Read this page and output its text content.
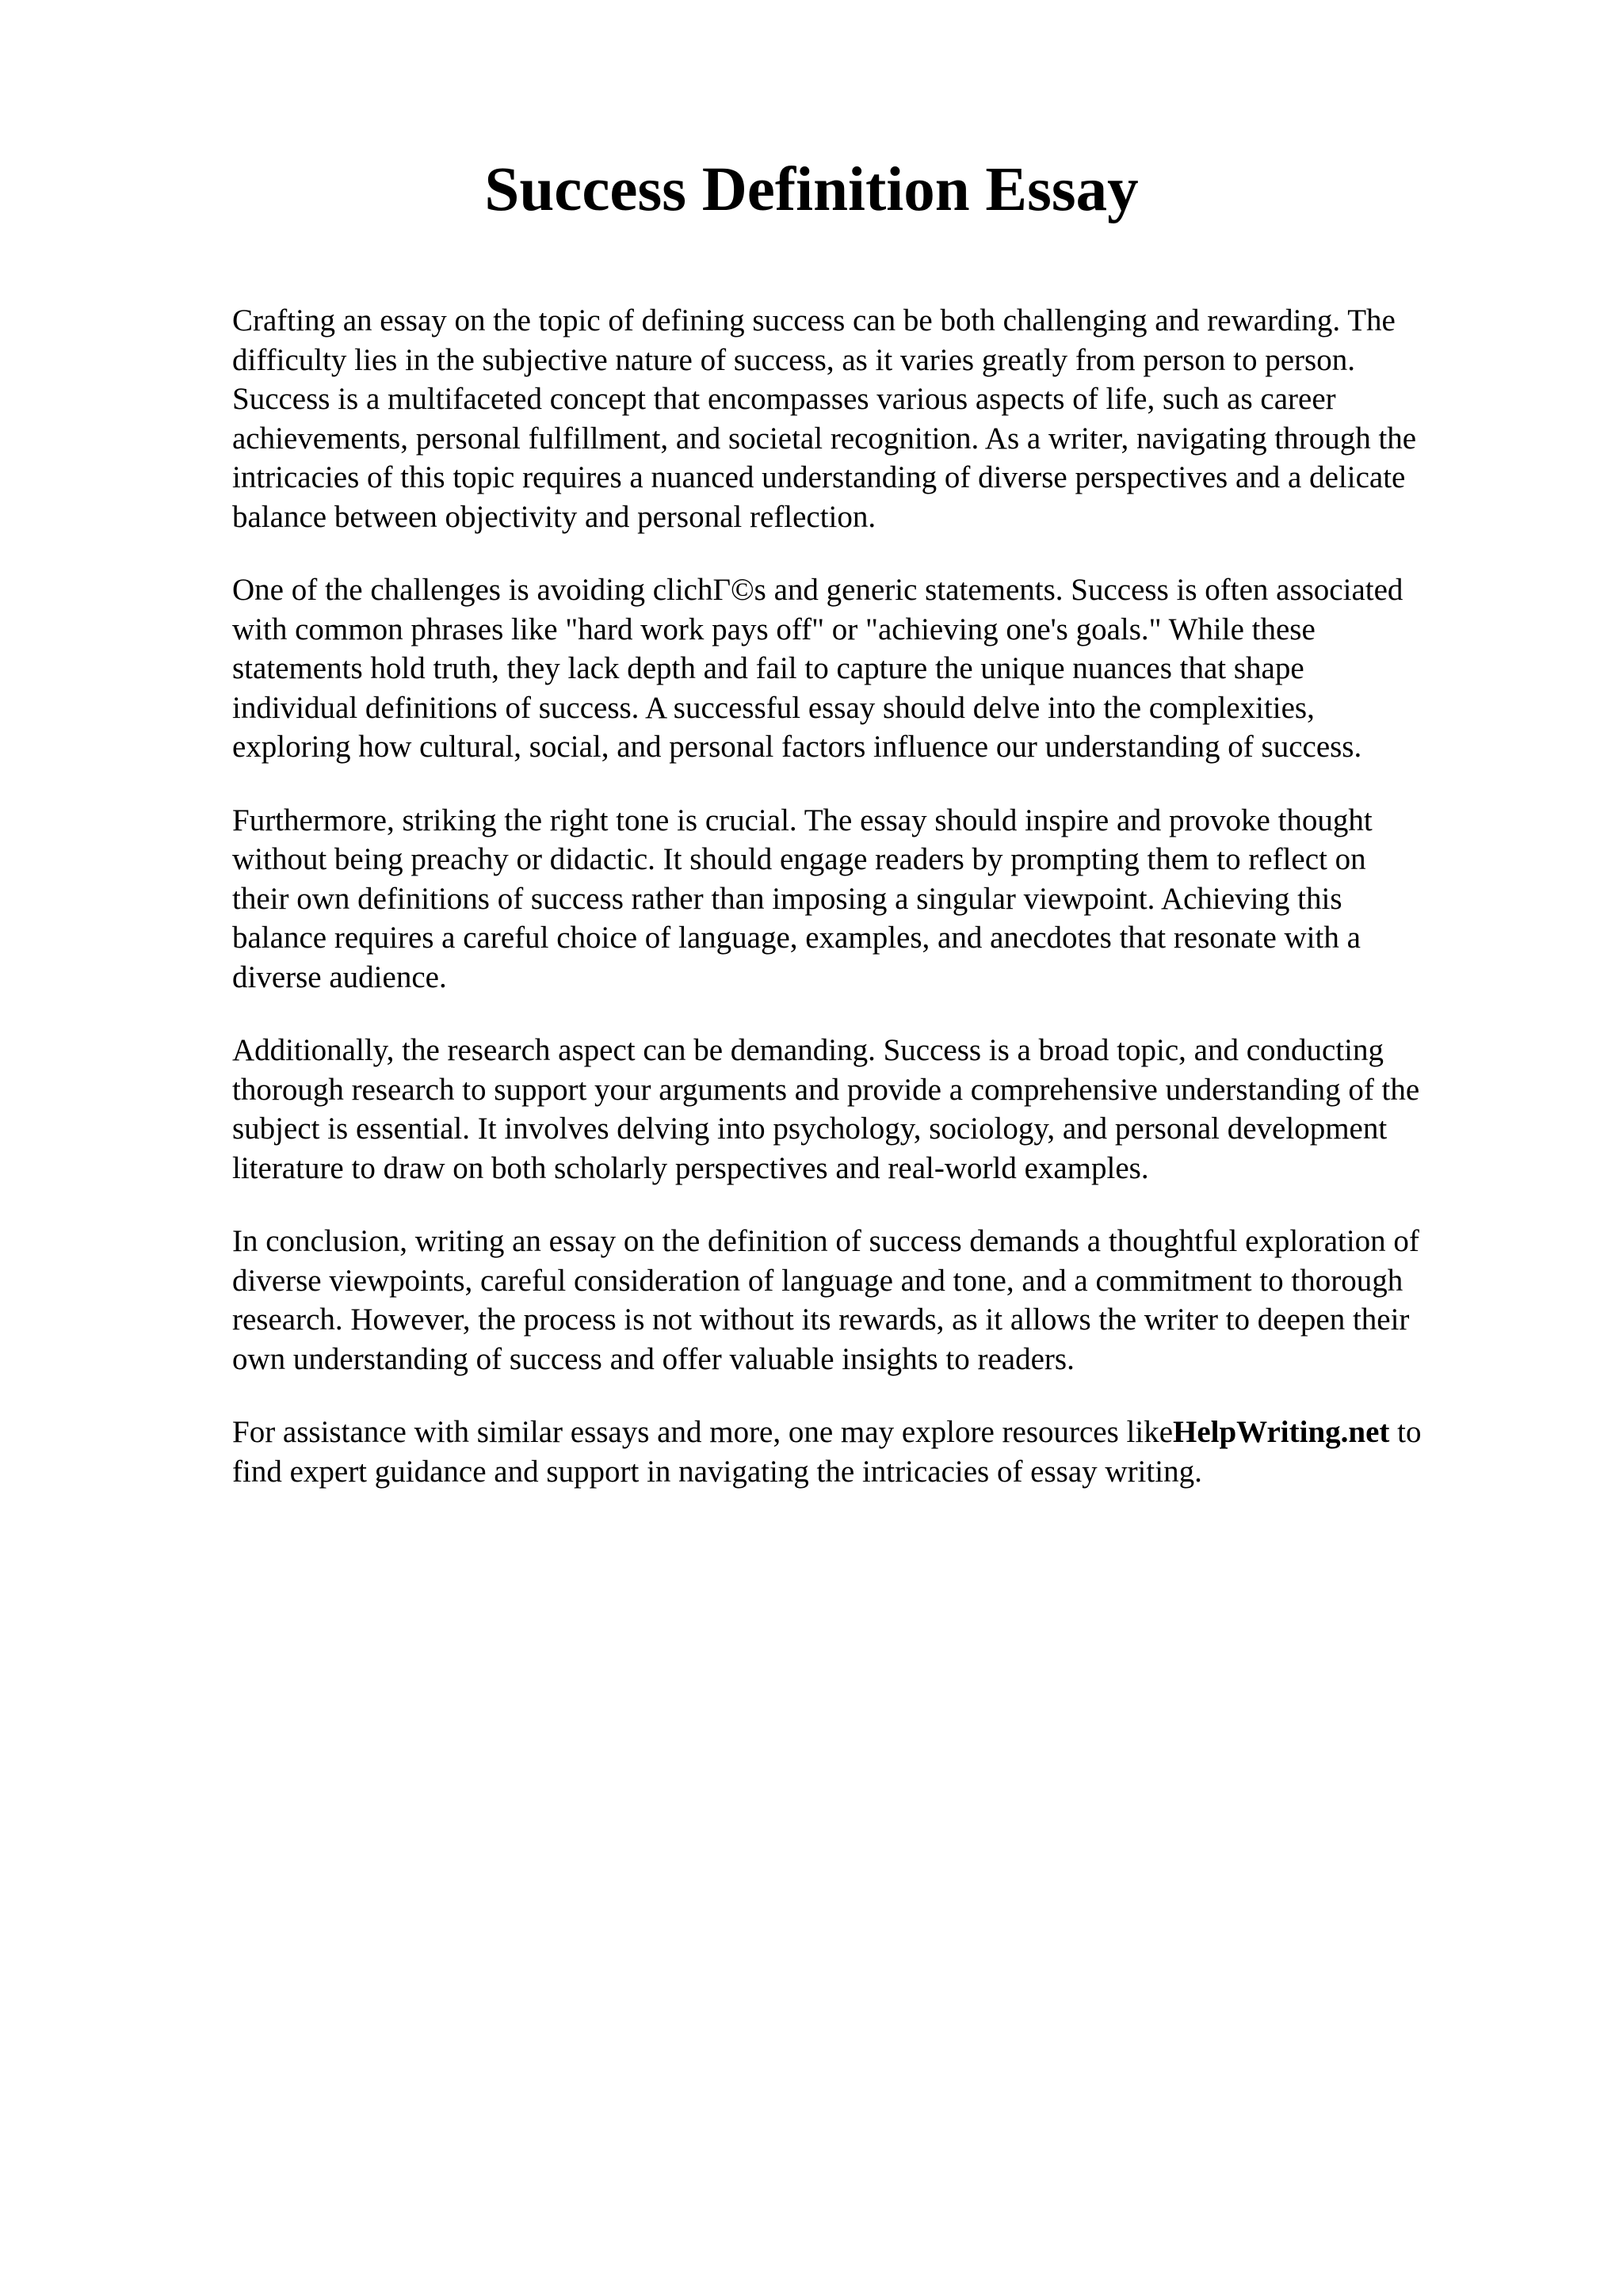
Success Definition Essay

Crafting an essay on the topic of defining success can be both challenging and rewarding. The
difficulty lies in the subjective nature of success, as it varies greatly from person to person.
Success is a multifaceted concept that encompasses various aspects of life, such as career
achievements, personal fulfillment, and societal recognition. As a writer, navigating through the
intricacies of this topic requires a nuanced understanding of diverse perspectives and a delicate
balance between objectivity and personal reflection.

One of the challenges is avoiding clichΓ©s and generic statements. Success is often associated
with common phrases like "hard work pays off" or "achieving one's goals." While these
statements hold truth, they lack depth and fail to capture the unique nuances that shape
individual definitions of success. A successful essay should delve into the complexities,
exploring how cultural, social, and personal factors influence our understanding of success.

Furthermore, striking the right tone is crucial. The essay should inspire and provoke thought
without being preachy or didactic. It should engage readers by prompting them to reflect on
their own definitions of success rather than imposing a singular viewpoint. Achieving this
balance requires a careful choice of language, examples, and anecdotes that resonate with a
diverse audience.

Additionally, the research aspect can be demanding. Success is a broad topic, and conducting
thorough research to support your arguments and provide a comprehensive understanding of the
subject is essential. It involves delving into psychology, sociology, and personal development
literature to draw on both scholarly perspectives and real-world examples.

In conclusion, writing an essay on the definition of success demands a thoughtful exploration of
diverse viewpoints, careful consideration of language and tone, and a commitment to thorough
research. However, the process is not without its rewards, as it allows the writer to deepen their
own understanding of success and offer valuable insights to readers.

For assistance with similar essays and more, one may explore resources likeHelpWriting.net to
find expert guidance and support in navigating the intricacies of essay writing.
